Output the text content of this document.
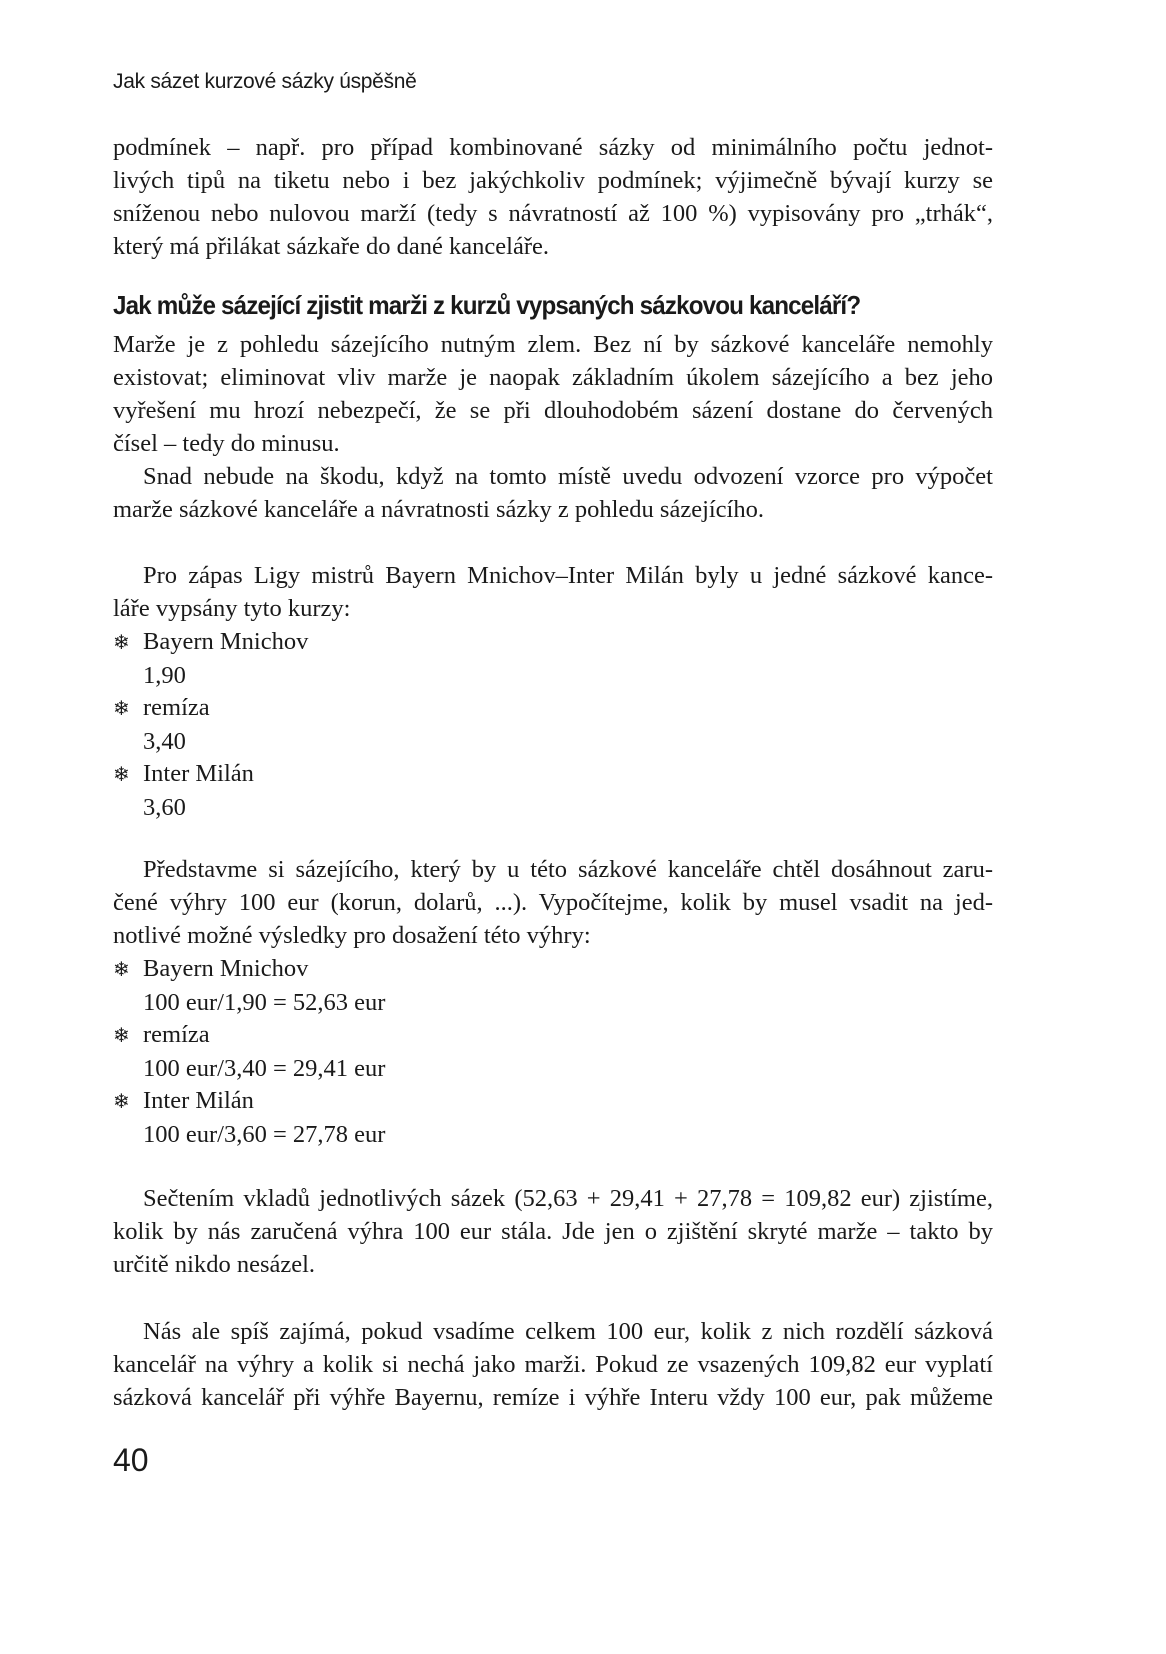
Jak sázet kurzové sázky úspěšně
Jak může sázející zjistit marži z kurzů vypsaných sázkovou kanceláří?
podmínek – např. pro případ kombinované sázky od minimálního počtu jednot-
livých tipů na tiketu nebo i bez jakýchkoliv podmínek; výjimečně bývají kurzy se
sníženou nebo nulovou marží (tedy s návratností až 100 %) vypisovány pro „trhák“,
který má přilákat sázkaře do dané kanceláře.
Marže je z pohledu sázejícího nutným zlem. Bez ní by sázkové kanceláře nemohly
existovat; eliminovat vliv marže je naopak základním úkolem sázejícího a bez jeho
vyřešení mu hrozí nebezpečí, že se při dlouhodobém sázení dostane do červených
čísel – tedy do minusu.
Snad nebude na škodu, když na tomto místě uvedu odvození vzorce pro výpočet
marže sázkové kanceláře a návratnosti sázky z pohledu sázejícího.
Pro zápas Ligy mistrů Bayern Mnichov–Inter Milán byly u jedné sázkové kance-
láře vypsány tyto kurzy:
❄ Bayern Mnichov
1,90
❄ remíza
3,40
❄ Inter Milán
3,60
Představme si sázejícího, který by u této sázkové kanceláře chtěl dosáhnout zaru-
čené výhry 100 eur (korun, dolarů, ...). Vypočítejme, kolik by musel vsadit na jed-
notlivé možné výsledky pro dosažení této výhry:
❄ Bayern Mnichov
100 eur/1,90 = 52,63 eur
❄ remíza
100 eur/3,40 = 29,41 eur
❄ Inter Milán
100 eur/3,60 = 27,78 eur
Sečtením vkladů jednotlivých sázek (52,63 + 29,41 + 27,78 = 109,82 eur) zjistíme,
kolik by nás zaručená výhra 100 eur stála. Jde jen o zjištění skryté marže – takto by
určitě nikdo nesázel.
Nás ale spíš zajímá, pokud vsadíme celkem 100 eur, kolik z nich rozdělí sázková
kancelář na výhry a kolik si nechá jako marži. Pokud ze vsazených 109,82 eur vyplatí
sázková kancelář při výhře Bayernu, remíze i výhře Interu vždy 100 eur, pak můžeme
40
